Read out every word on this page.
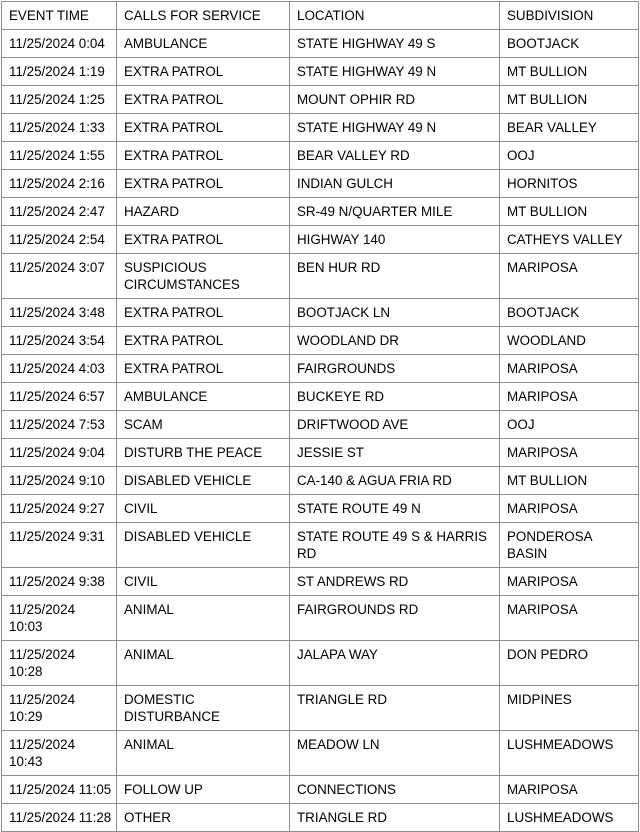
EVENT TIME	CALLS FOR SERVICE	LOCATION	SUBDIVISION
11/25/2024 0:04	AMBULANCE	STATE HIGHWAY 49 S	BOOTJACK
11/25/2024 1:19	EXTRA PATROL	STATE HIGHWAY 49 N	MT BULLION
11/25/2024 1:25	EXTRA PATROL	MOUNT OPHIR RD	MT BULLION
11/25/2024 1:33	EXTRA PATROL	STATE HIGHWAY 49 N	BEAR VALLEY
11/25/2024 1:55	EXTRA PATROL	BEAR VALLEY RD	OOJ
11/25/2024 2:16	EXTRA PATROL	INDIAN GULCH	HORNITOS
11/25/2024 2:47	HAZARD	SR-49 N/QUARTER MILE	MT BULLION
11/25/2024 2:54	EXTRA PATROL	HIGHWAY 140	CATHEYS VALLEY
11/25/2024 3:07	SUSPICIOUS CIRCUMSTANCES	BEN HUR RD	MARIPOSA
11/25/2024 3:48	EXTRA PATROL	BOOTJACK LN	BOOTJACK
11/25/2024 3:54	EXTRA PATROL	WOODLAND DR	WOODLAND
11/25/2024 4:03	EXTRA PATROL	FAIRGROUNDS	MARIPOSA
11/25/2024 6:57	AMBULANCE	BUCKEYE RD	MARIPOSA
11/25/2024 7:53	SCAM	DRIFTWOOD AVE	OOJ
11/25/2024 9:04	DISTURB THE PEACE	JESSIE ST	MARIPOSA
11/25/2024 9:10	DISABLED VEHICLE	CA-140 & AGUA FRIA RD	MT BULLION
11/25/2024 9:27	CIVIL	STATE ROUTE 49 N	MARIPOSA
11/25/2024 9:31	DISABLED VEHICLE	STATE ROUTE 49 S & HARRIS RD	PONDEROSA BASIN
11/25/2024 9:38	CIVIL	ST ANDREWS RD	MARIPOSA
11/25/2024 10:03	ANIMAL	FAIRGROUNDS RD	MARIPOSA
11/25/2024 10:28	ANIMAL	JALAPA WAY	DON PEDRO
11/25/2024 10:29	DOMESTIC DISTURBANCE	TRIANGLE RD	MIDPINES
11/25/2024 10:43	ANIMAL	MEADOW LN	LUSHMEADOWS
11/25/2024 11:05	FOLLOW UP	CONNECTIONS	MARIPOSA
11/25/2024 11:28	OTHER	TRIANGLE RD	LUSHMEADOWS
